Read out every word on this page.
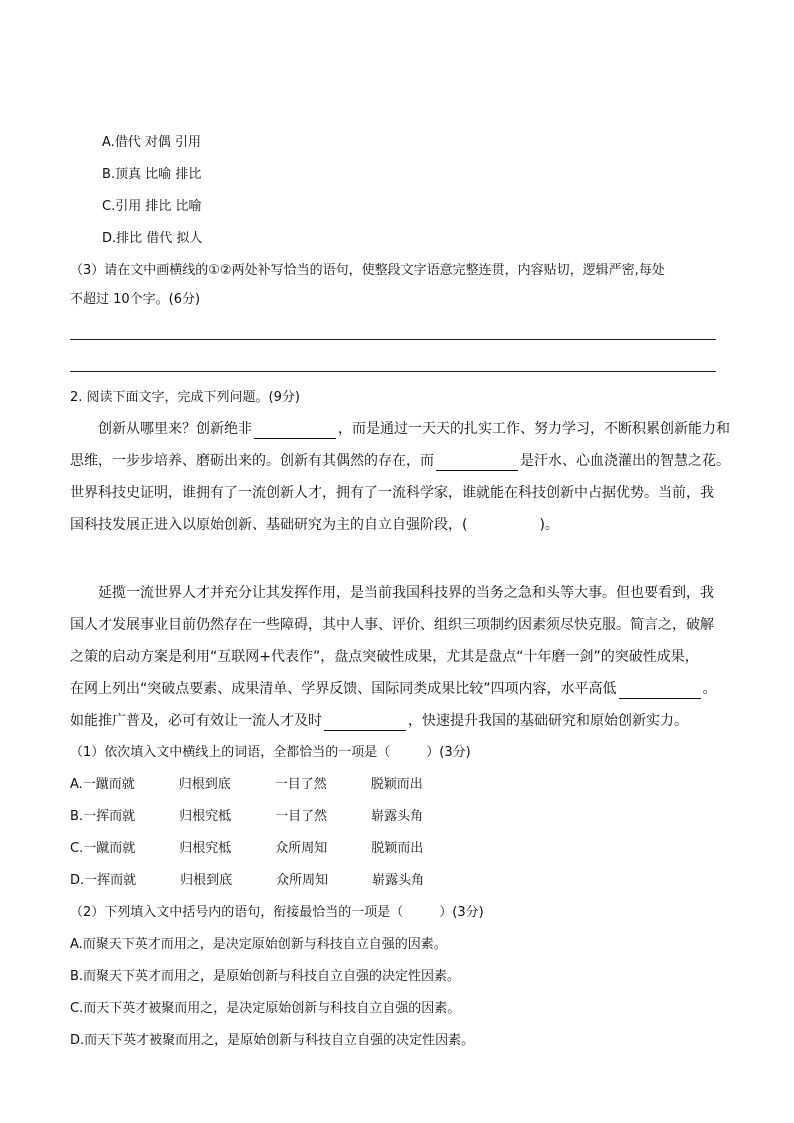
A.借代 对偶 引用
B.顶真 比喻 排比
C.引用 排比 比喻
D.排比 借代 拟人
（3）请在文中画横线的①②两处补写恰当的语句，使整段文字语意完整连贯，内容贴切，逻辑严密,每处
不超过 10个字。(6分)
2. 阅读下面文字，完成下列问题。(9分)
创新从哪里来？创新绝非	，而是通过一天天的扎实工作、努力学习，不断积累创新能力和
思维，一步步培养、磨砺出来的。创新有其偶然的存在，而	是汗水、心血浇灌出的智慧之花。
世界科技史证明，谁拥有了一流创新人才，拥有了一流科学家，谁就能在科技创新中占据优势。当前，我
国科技发展正进入以原始创新、基础研究为主的自立自强阶段，(	)。
延揽一流世界人才并充分让其发挥作用，是当前我国科技界的当务之急和头等大事。但也要看到，我
国人才发展事业目前仍然存在一些障碍，其中人事、评价、组织三项制约因素须尽快克服。简言之，破解
之策的启动方案是利用“互联网+代表作”，盘点突破性成果，尤其是盘点“十年磨一剑”的突破性成果，
在网上列出“突破点要素、成果清单、学界反馈、国际同类成果比较”四项内容，水平高低	。
如能推广普及，必可有效让一流人才及时	，快速提升我国的基础研究和原始创新实力。
（1）依次填入文中横线上的词语，全都恰当的一项是（	）(3分)
A.一蹴而就	归根到底	一目了然	脱颖而出
B.一挥而就	归根究柢	一目了然	崭露头角
C.一蹴而就	归根究柢	众所周知	脱颖而出
D.一挥而就	归根到底	众所周知	崭露头角
（2）下列填入文中括号内的语句，衔接最恰当的一项是（	）(3分)
A.而聚天下英才而用之，是决定原始创新与科技自立自强的因素。
B.而聚天下英才而用之，是原始创新与科技自立自强的决定性因素。
C.而天下英才被聚而用之，是决定原始创新与科技自立自强的因素。
D.而天下英才被聚而用之，是原始创新与科技自立自强的决定性因素。
